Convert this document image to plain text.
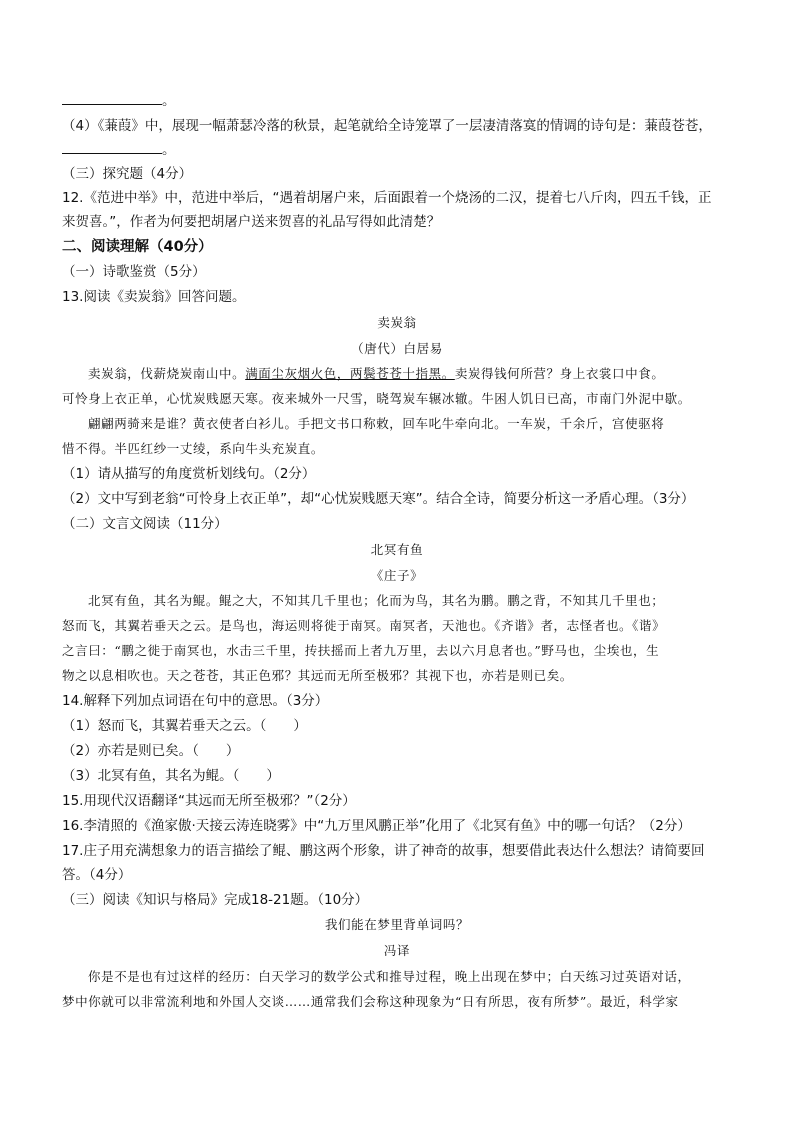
。
（4）《蒹葭》中，展现一幅萧瑟冷落的秋景，起笔就给全诗笼罩了一层凄清落寞的情调的诗句是：蒹葭苍苍，
。
（三）探究题（4分）
12.《范进中举》中，范进中举后，“遇着胡屠户来，后面跟着一个烧汤的二汉，提着七八斤肉，四五千钱，正
来贺喜。”，作者为何要把胡屠户送来贺喜的礼品写得如此清楚？
二、阅读理解（40分）
（一）诗歌鉴赏（5分）
13.阅读《卖炭翁》回答问题。
卖炭翁
（唐代）白居易
卖炭翁，伐薪烧炭南山中。满面尘灰烟火色，两鬓苍苍十指黑。卖炭得钱何所营？身上衣裳口中食。
可怜身上衣正单，心忧炭贱愿天寒。夜来城外一尺雪，晓驾炭车辗冰辙。牛困人饥日已高，市南门外泥中歇。
翩翩两骑来是谁？黄衣使者白衫儿。手把文书口称敕，回车叱牛牵向北。一车炭，千余斤，宫使驱将
惜不得。半匹红纱一丈绫，系向牛头充炭直。
（1）请从描写的角度赏析划线句。（2分）
（2）文中写到老翁“可怜身上衣正单”，却“心忧炭贱愿天寒”。结合全诗，简要分析这一矛盾心理。（3分）
（二）文言文阅读（11分）
北冥有鱼
《庄子》
北冥有鱼，其名为鲲。鲲之大，不知其几千里也；化而为鸟，其名为鹏。鹏之背，不知其几千里也；
怒而飞，其翼若垂天之云。是鸟也，海运则将徙于南冥。南冥者，天池也。《齐谐》者，志怪者也。《谐》
之言曰：“鹏之徙于南冥也，水击三千里，抟扶摇而上者九万里，去以六月息者也。”野马也，尘埃也，生
物之以息相吹也。天之苍苍，其正色邪？其远而无所至极邪？其视下也，亦若是则已矣。
14.解释下列加点词语在句中的意思。（3分）
（1）怒而飞，其翼若垂天之云。（　　）
（2）亦若是则已矣。（　　）
（3）北冥有鱼，其名为鲲。（　　）
15.用现代汉语翻译“其远而无所至极邪？”（2分）
16.李清照的《渔家傲·天接云涛连晓雾》中“九万里风鹏正举”化用了《北冥有鱼》中的哪一句话？（2分）
17.庄子用充满想象力的语言描绘了鲲、鹏这两个形象，讲了神奇的故事，想要借此表达什么想法？请简要回
答。（4分）
（三）阅读《知识与格局》完成18-21题。（10分）
我们能在梦里背单词吗？
冯译
你是不是也有过这样的经历：白天学习的数学公式和推导过程，晚上出现在梦中；白天练习过英语对话，
梦中你就可以非常流利地和外国人交谈……通常我们会称这种现象为“日有所思，夜有所梦”。最近，科学家
